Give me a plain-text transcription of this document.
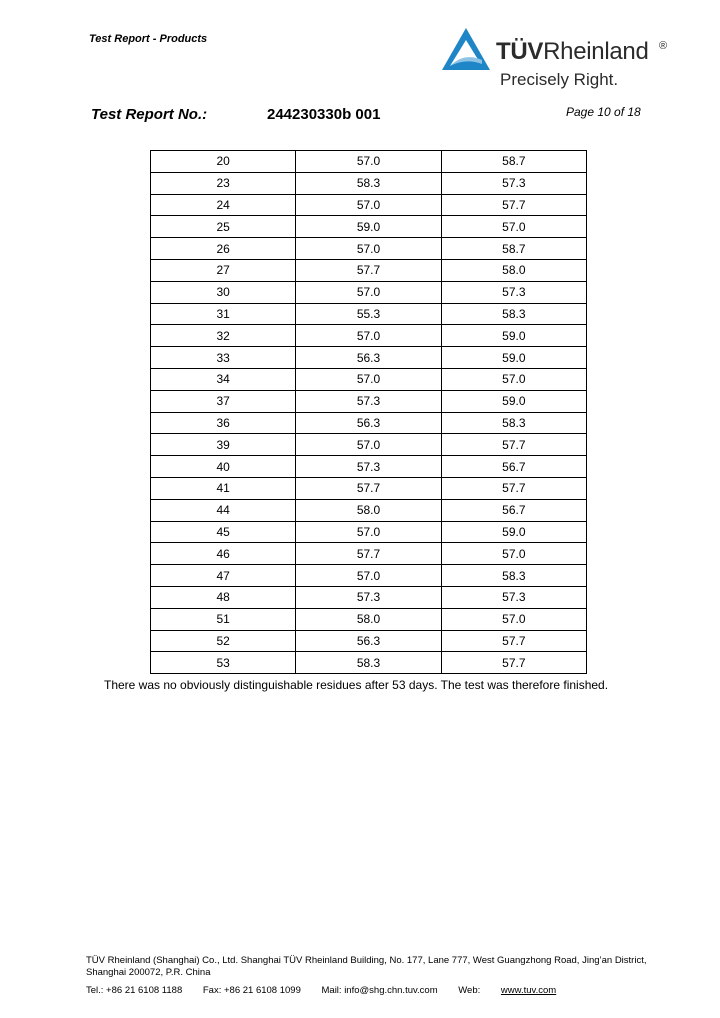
Test Report - Products	TÜVRheinland ®
Precisely Right.
Test Report No.:	244230330b 001	Page 10 of 18
20	57.0	58.7
23	58.3	57.3
24	57.0	57.7
25	59.0	57.0
26	57.0	58.7
27	57.7	58.0
30	57.0	57.3
31	55.3	58.3
32	57.0	59.0
33	56.3	59.0
34	57.0	57.0
37	57.3	59.0
36	56.3	58.3
39	57.0	57.7
40	57.3	56.7
41	57.7	57.7
44	58.0	56.7
45	57.0	59.0
46	57.7	57.0
47	57.0	58.3
48	57.3	57.3
51	58.0	57.0
52	56.3	57.7
53	58.3	57.7
There was no obviously distinguishable residues after 53 days. The test was therefore finished.
TÜV Rheinland (Shanghai) Co., Ltd. Shanghai TÜV Rheinland Building, No. 177, Lane 777, West Guangzhong Road, Jing’an District,
Shanghai 200072, P.R. China
Tel.: +86 21 6108 1188 Fax: +86 21 6108 1099 Mail: info@shg.chn.tuv.com Web: www.tuv.com
